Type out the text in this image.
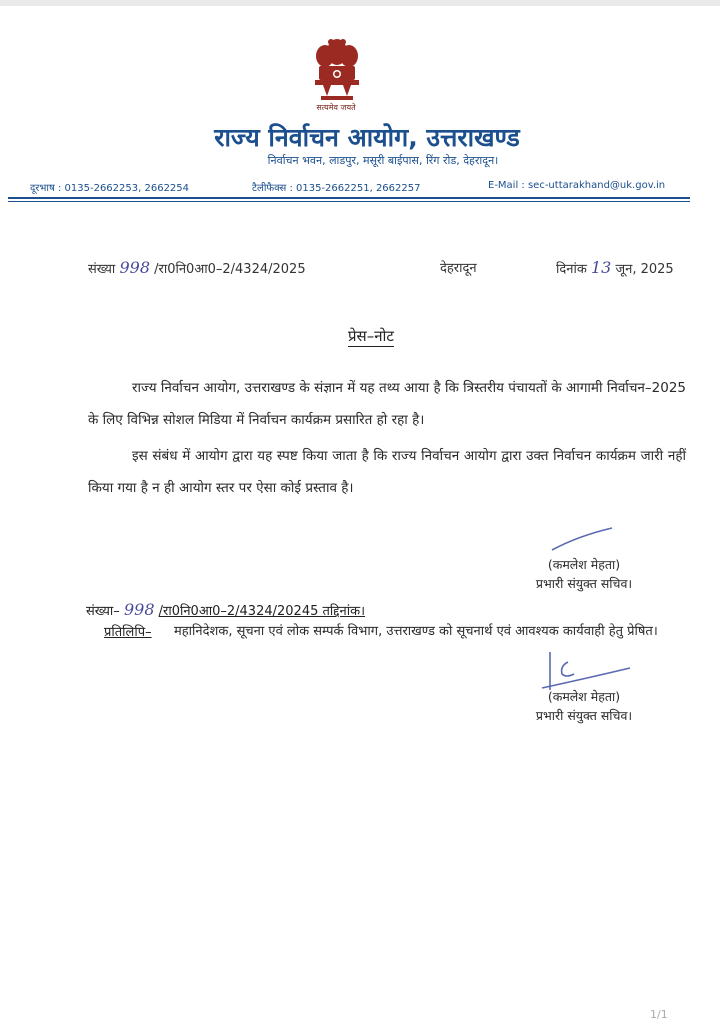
सत्यमेव जयते
राज्य निर्वाचन आयोग, उत्तराखण्ड
निर्वाचन भवन, लाडपुर, मसूरी बाईपास, रिंग रोड, देहरादून।
दूरभाष : 0135-2662253, 2662254	टैलीफैक्स : 0135-2662251, 2662257	E-Mail : sec-uttarakhand@uk.gov.in
संख्या 998 /रा0नि0आ0–2/4324/2025	देहरादून	दिनांक 13 जून, 2025
प्रेस–नोट
राज्य निर्वाचन आयोग, उत्तराखण्ड के संज्ञान में यह तथ्य आया है कि त्रिस्तरीय पंचायतों के आगामी निर्वाचन–2025 के लिए विभिन्न सोशल मिडिया में निर्वाचन कार्यक्रम प्रसारित हो रहा है।
इस संबंध में आयोग द्वारा यह स्पष्ट किया जाता है कि राज्य निर्वाचन आयोग द्वारा उक्त निर्वाचन कार्यक्रम जारी नहीं किया गया है न ही आयोग स्तर पर ऐसा कोई प्रस्ताव है।
(कमलेश मेहता)
प्रभारी संयुक्त सचिव।
संख्या– 998 /रा0नि0आ0–2/4324/20245 तद्दिनांक।
प्रतिलिपि– महानिदेशक, सूचना एवं लोक सम्पर्क विभाग, उत्तराखण्ड को सूचनार्थ एवं आवश्यक कार्यवाही हेतु प्रेषित।
(कमलेश मेहता)
प्रभारी संयुक्त सचिव।
1/1
